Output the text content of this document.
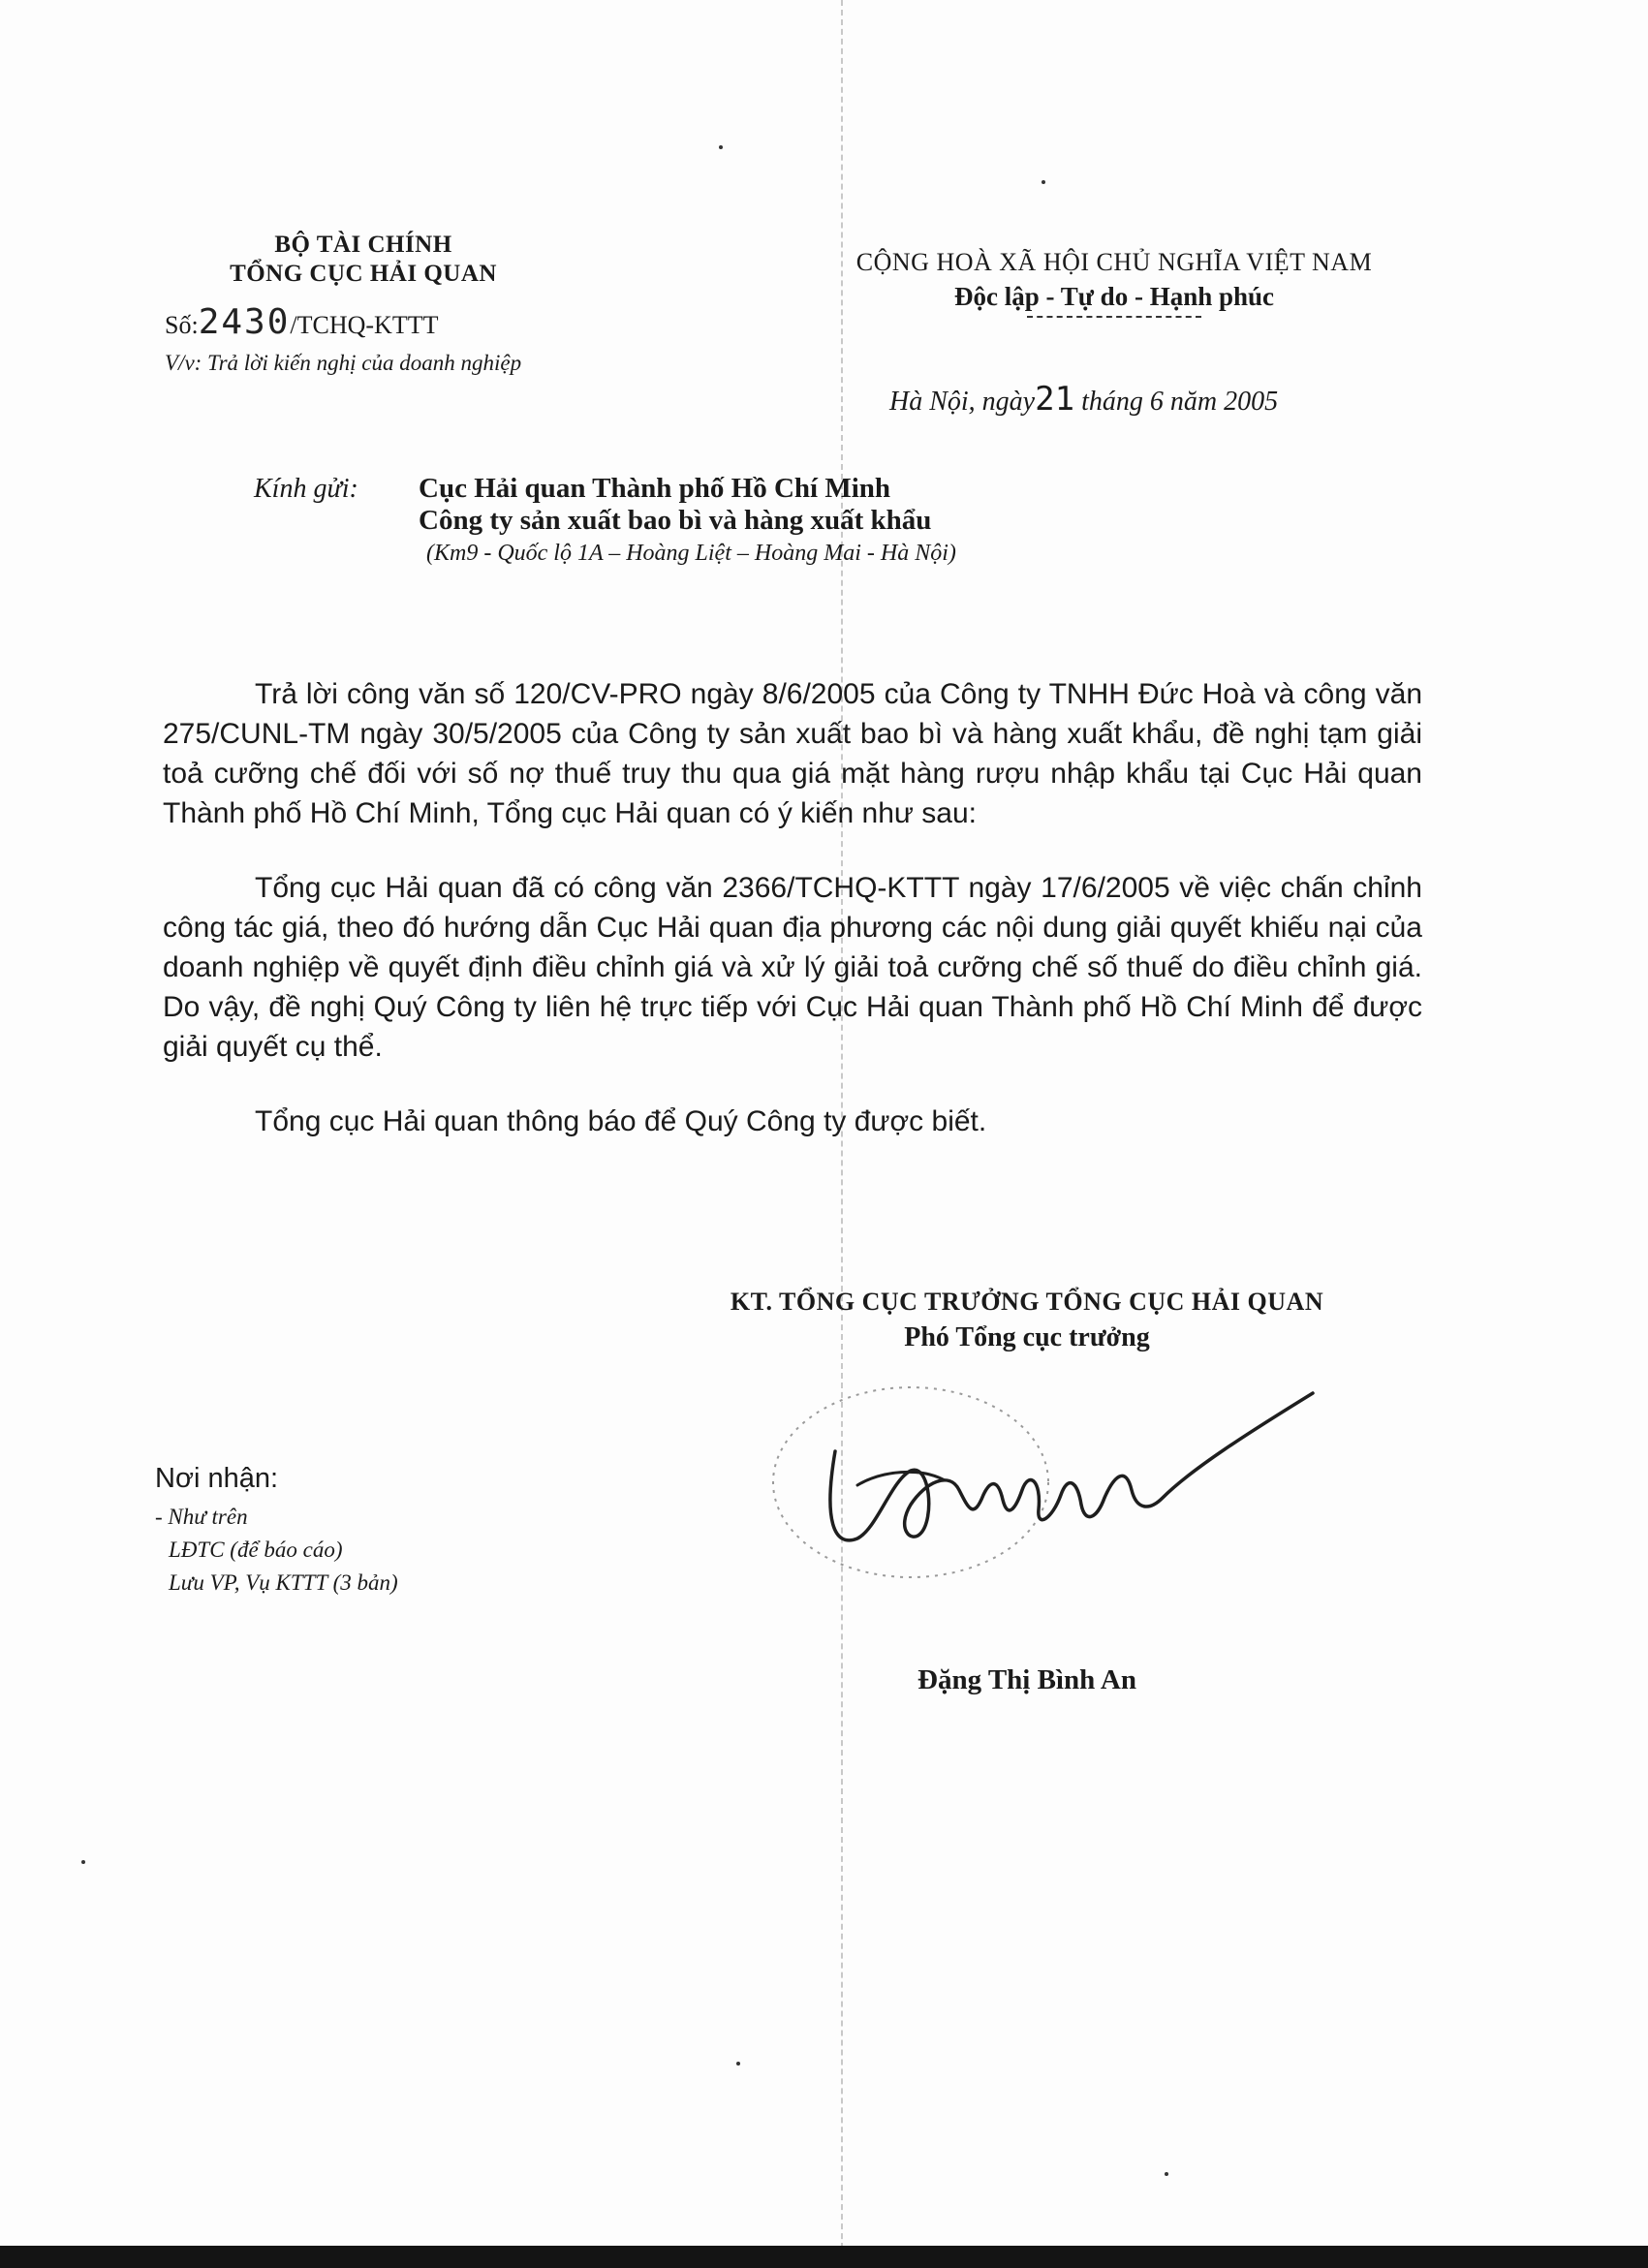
BỘ TÀI CHÍNH
TỔNG CỤC HẢI QUAN
Số:2430/TCHQ-KTTT
V/v: Trả lời kiến nghị của doanh nghiệp
CỘNG HOÀ XÃ HỘI CHỦ NGHĨA VIỆT NAM
Độc lập - Tự do - Hạnh phúc
Hà Nội, ngày21 tháng 6 năm 2005
Kính gửi:	Cục Hải quan Thành phố Hồ Chí Minh
Công ty sản xuất bao bì và hàng xuất khẩu
(Km9 - Quốc lộ 1A – Hoàng Liệt – Hoàng Mai - Hà Nội)

Trả lời công văn số 120/CV-PRO ngày 8/6/2005 của Công ty TNHH Đức Hoà và công văn 275/CUNL-TM ngày 30/5/2005 của Công ty sản xuất bao bì và hàng xuất khẩu, đề nghị tạm giải toả cưỡng chế đối với số nợ thuế truy thu qua giá mặt hàng rượu nhập khẩu tại Cục Hải quan Thành phố Hồ Chí Minh, Tổng cục Hải quan có ý kiến như sau:

Tổng cục Hải quan đã có công văn 2366/TCHQ-KTTT ngày 17/6/2005 về việc chấn chỉnh công tác giá, theo đó hướng dẫn Cục Hải quan địa phương các nội dung giải quyết khiếu nại của doanh nghiệp về quyết định điều chỉnh giá và xử lý giải toả cưỡng chế số thuế do điều chỉnh giá. Do vậy, đề nghị Quý Công ty liên hệ trực tiếp với Cục Hải quan Thành phố Hồ Chí Minh để được giải quyết cụ thể.

Tổng cục Hải quan thông báo để Quý Công ty được biết.

KT. TỔNG CỤC TRƯỞNG TỔNG CỤC HẢI QUAN
Phó Tổng cục trưởng
Đặng Thị Bình An
Nơi nhận:
- Như trên
LĐTC (để báo cáo)
Lưu VP, Vụ KTTT (3 bản)
